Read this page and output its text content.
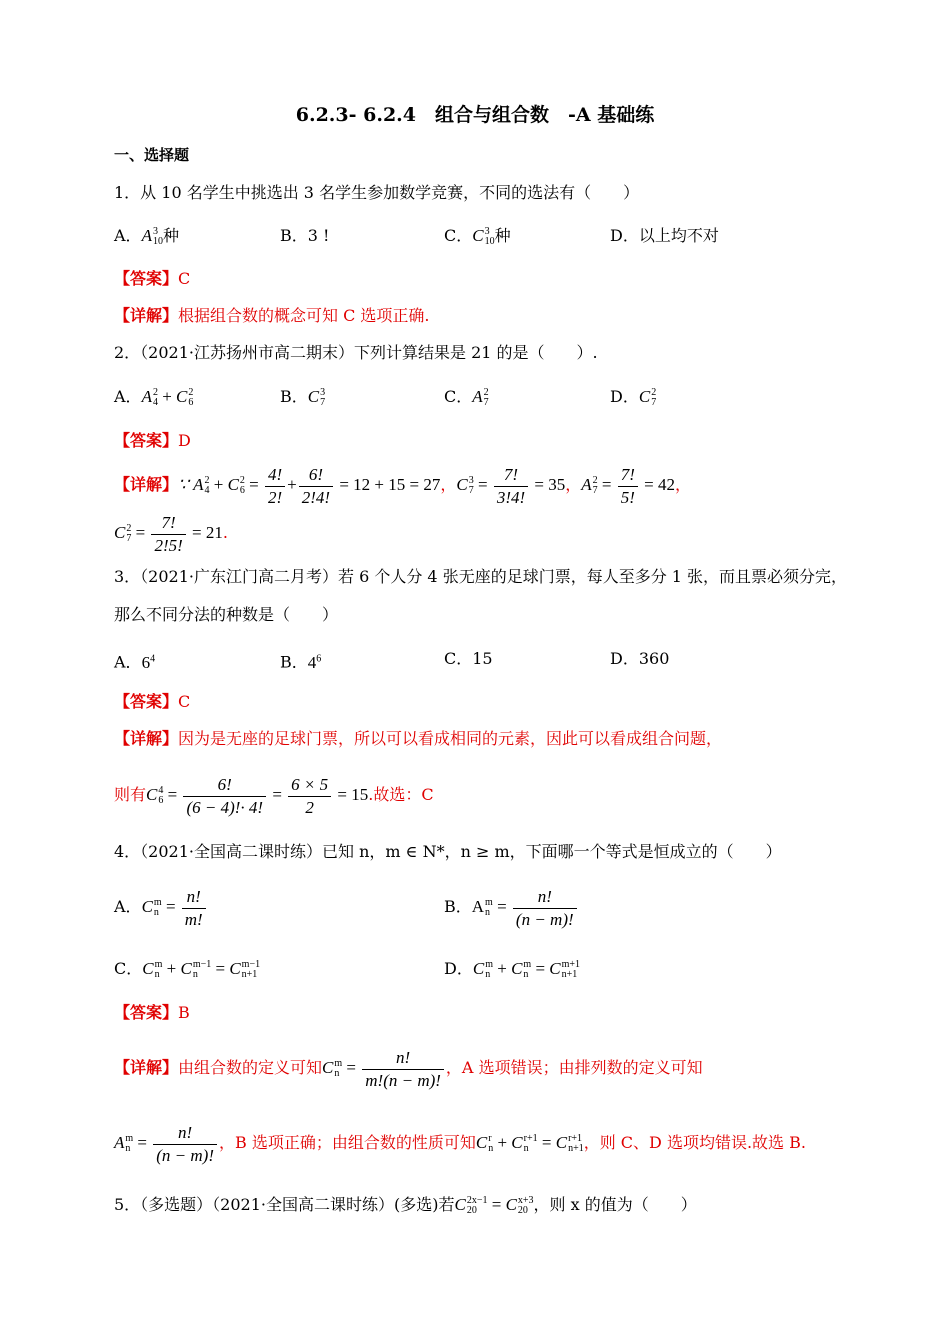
6.2.3- 6.2.4　组合与组合数　-A 基础练
一、选择题
1．从 10 名学生中挑选出 3 名学生参加数学竞赛，不同的选法有（　　）
A．A 3
10 种	B．3 !	C．C 3
10 种	D．以上均不对
【答案】C
【详解】根据组合数的概念可知 C 选项正确.
2．（2021·江苏扬州市高二期末）下列计算结果是 21 的是（　　）.
A．A 2
4 + C 2
6	B．C 3
7	C．A 2
7	D．C 2
7
【答案】D
【详解】∵ A 2
4 + C 2
$6 = \frac{4!}{2!} + \frac{6!}{2!4!} = 12 + 15 = 27$，C 3
$7 = \frac{7!}{3!4!} = 35$，A 2
$7 = \frac{7!}{5!} = 42$，
C 2
$7 = \frac{7!}{2!5!} = 21$.
3．（2021·广东江门高二月考）若 6 个人分 4 张无座的足球门票，每人至多分 1 张，而且票必须分完，
那么不同分法的种数是（　　）
A．$6^4$	B．$4^6$	C．15	D．360
【答案】C
【详解】因为是无座的足球门票，所以可以看成相同的元素，因此可以看成组合问题，
则有C 4
$6 = \frac{6!}{(6 - 4)!\cdot 4!} = \frac{6 \times 5}{2} = 15$.故选：C
4．（2021·全国高二课时练）已知 n，m ∈ N*，n ≥ m，下面哪一个等式是恒成立的（　　）
A．C m
$n = \frac{n!}{m!}$	B．A m
$n = \frac{n!}{(n - m)!}$
C．C m
n + C m−1
n = C m−1
n+1	D．C m
n + C m
n = C m+1
n+1
【答案】B
【详解】由组合数的定义可知C m
$n = \frac{n!}{m!(n - m)!}$ ，A 选项错误；由排列数的定义可知
A m
$n = \frac{n!}{(n - m)!}$ ，B 选项正确；由组合数的性质可知C r
n + C r+1
n = C r+1
n+1 ，则 C、D 选项均错误.故选 B.
5．（多选题）（2021·全国高二课时练）(多选)若C 2x−1
20 = C x+3
20 ，则 x 的值为（　　）
